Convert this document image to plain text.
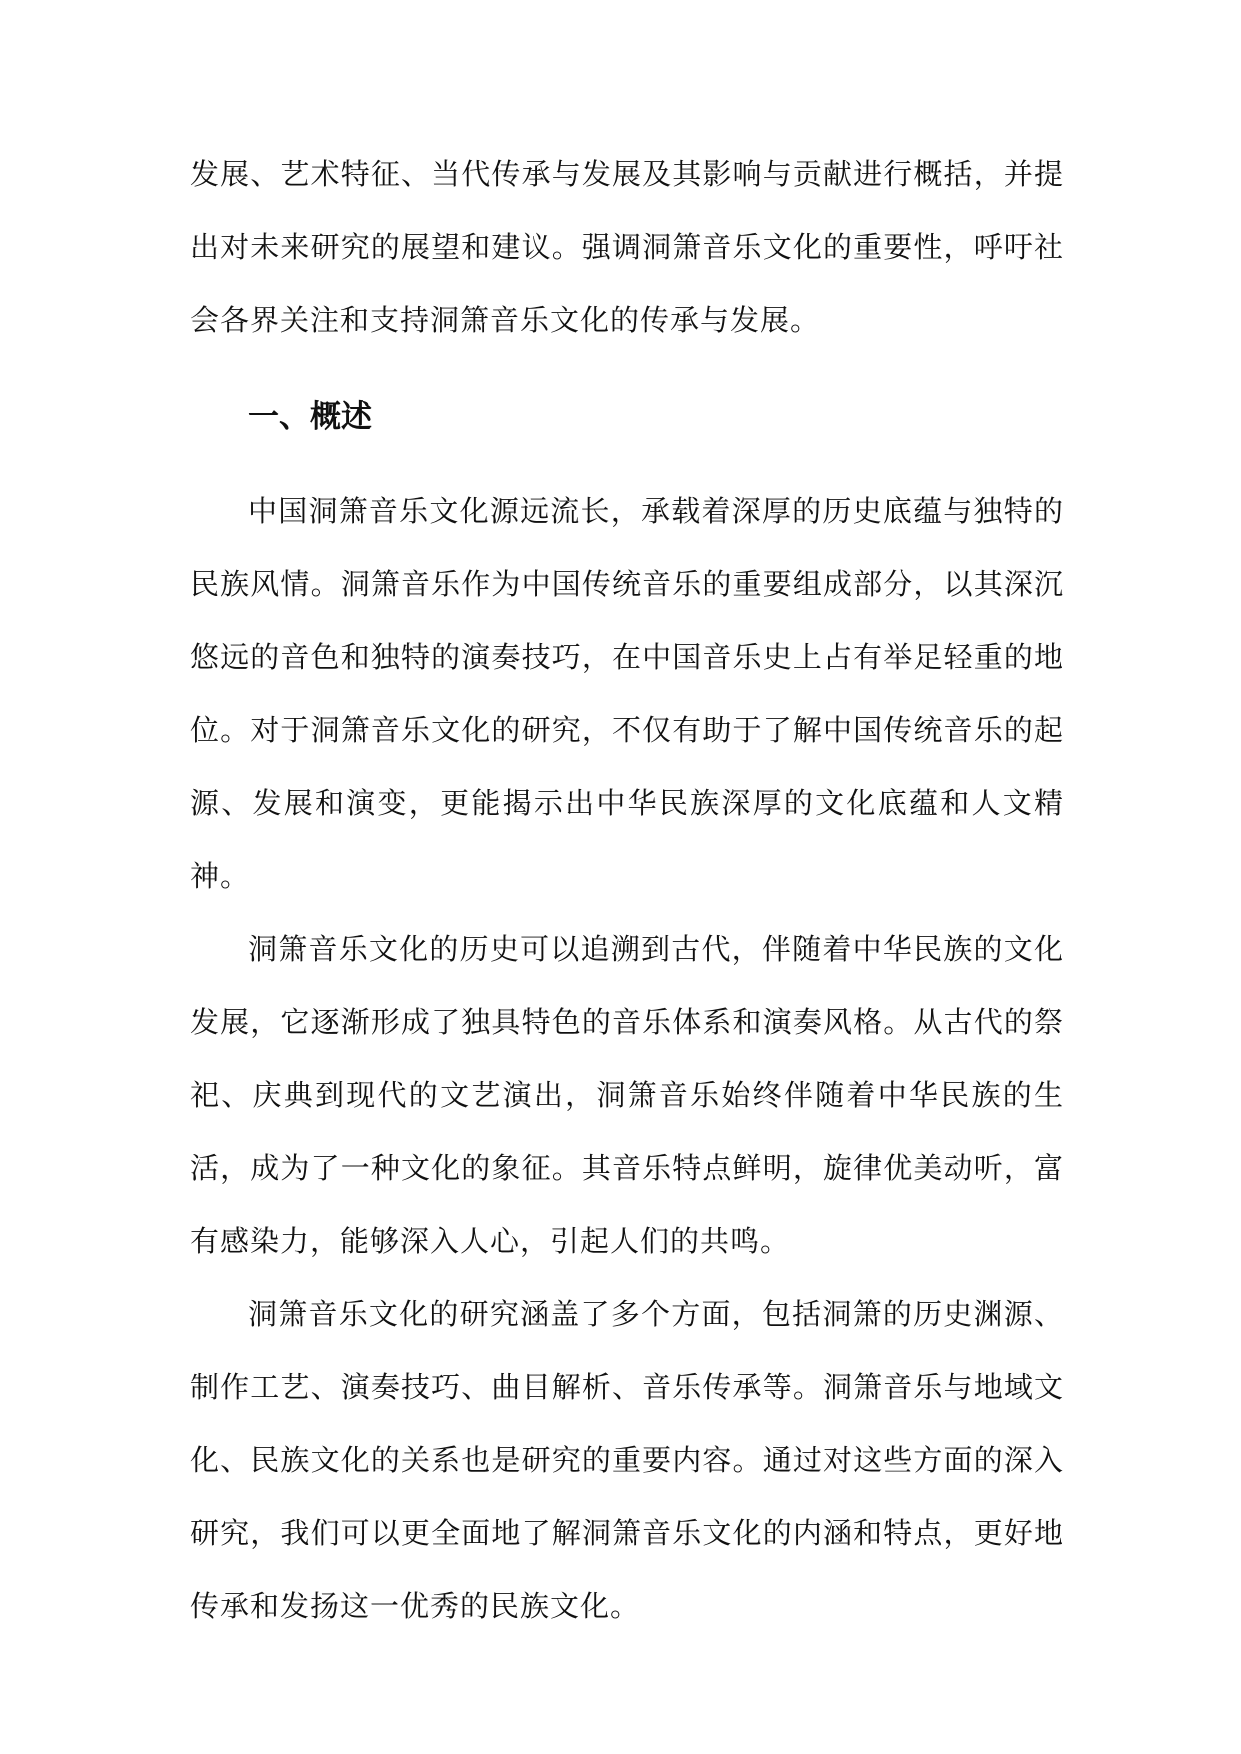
发展、艺术特征、当代传承与发展及其影响与贡献进行概括，并提出对未来研究的展望和建议。强调洞箫音乐文化的重要性，呼吁社会各界关注和支持洞箫音乐文化的传承与发展。

一、概述

中国洞箫音乐文化源远流长，承载着深厚的历史底蕴与独特的民族风情。洞箫音乐作为中国传统音乐的重要组成部分，以其深沉悠远的音色和独特的演奏技巧，在中国音乐史上占有举足轻重的地位。对于洞箫音乐文化的研究，不仅有助于了解中国传统音乐的起源、发展和演变，更能揭示出中华民族深厚的文化底蕴和人文精神。

洞箫音乐文化的历史可以追溯到古代，伴随着中华民族的文化发展，它逐渐形成了独具特色的音乐体系和演奏风格。从古代的祭祀、庆典到现代的文艺演出，洞箫音乐始终伴随着中华民族的生活，成为了一种文化的象征。其音乐特点鲜明，旋律优美动听，富有感染力，能够深入人心，引起人们的共鸣。

洞箫音乐文化的研究涵盖了多个方面，包括洞箫的历史渊源、制作工艺、演奏技巧、曲目解析、音乐传承等。洞箫音乐与地域文化、民族文化的关系也是研究的重要内容。通过对这些方面的深入研究，我们可以更全面地了解洞箫音乐文化的内涵和特点，更好地传承和发扬这一优秀的民族文化。
